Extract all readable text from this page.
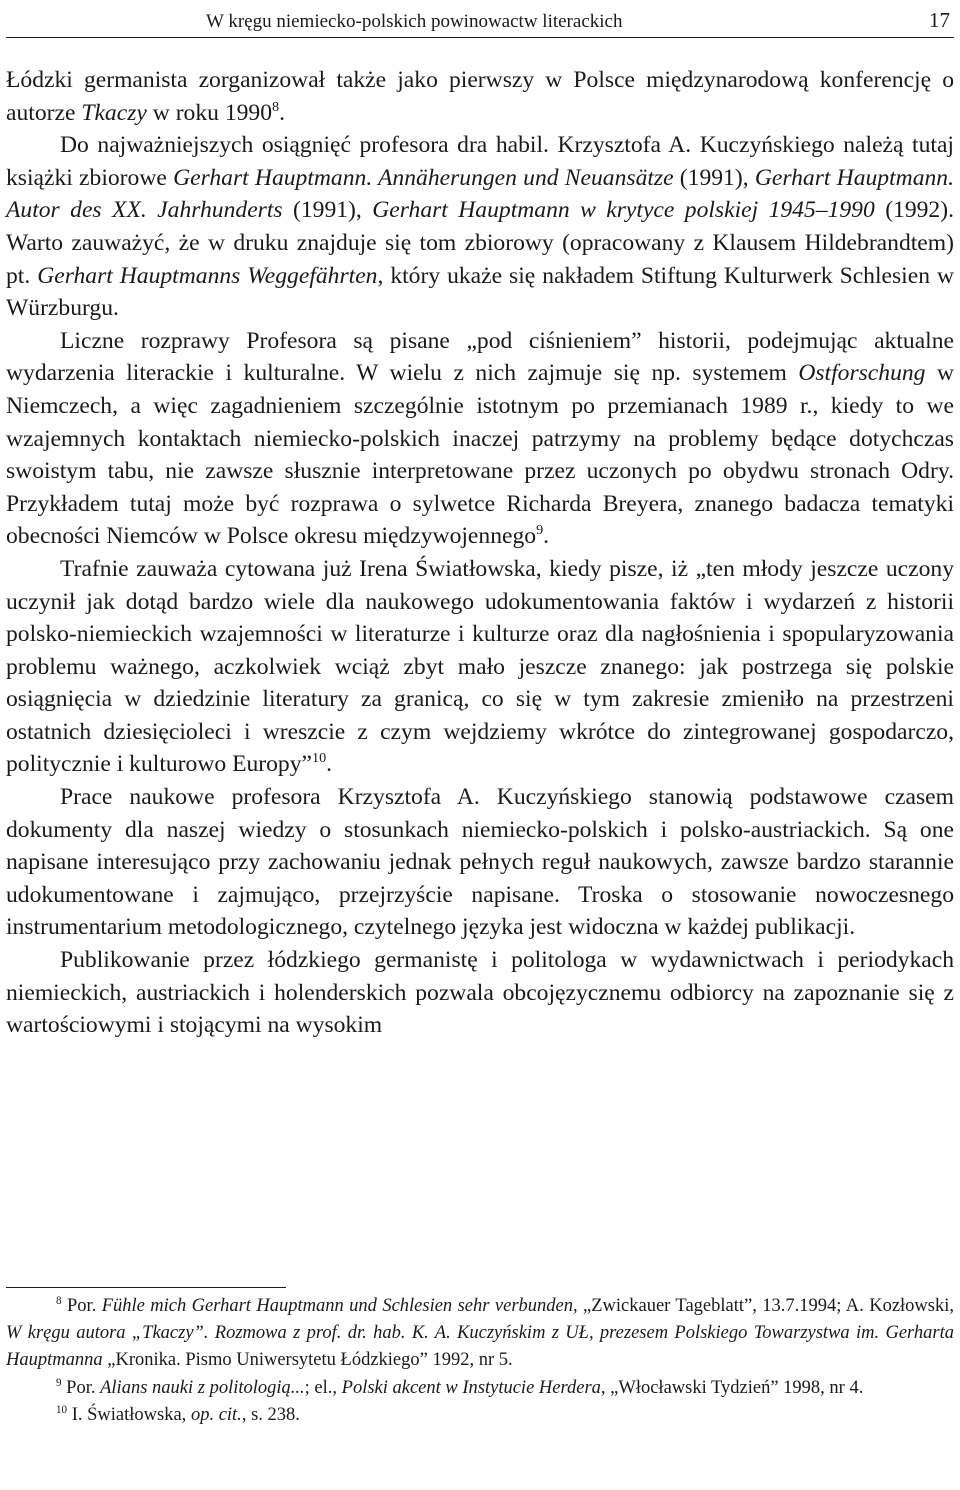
W kręgu niemiecko-polskich powinowactw literackich	17

Łódzki germanista zorganizował także jako pierwszy w Polsce międzynarodową konferencję o autorze Tkaczy w roku 1990$^8$.

Do najważniejszych osiągnięć profesora dra habil. Krzysztofa A. Kuczyńskiego należą tutaj książki zbiorowe Gerhart Hauptmann. Annäherungen und Neuansätze (1991), Gerhart Hauptmann. Autor des XX. Jahrhunderts (1991), Gerhart Hauptmann w krytyce polskiej 1945–1990 (1992). Warto zauważyć, że w druku znajduje się tom zbiorowy (opracowany z Klausem Hildebrandtem) pt. Gerhart Hauptmanns Weggefährten, który ukaże się nakładem Stiftung Kulturwerk Schlesien w Würzburgu.

Liczne rozprawy Profesora są pisane „pod ciśnieniem” historii, podejmując aktualne wydarzenia literackie i kulturalne. W wielu z nich zajmuje się np. systemem Ostforschung w Niemczech, a więc zagadnieniem szczególnie istotnym po przemianach 1989 r., kiedy to we wzajemnych kontaktach niemiecko-polskich inaczej patrzymy na problemy będące dotychczas swoistym tabu, nie zawsze słusznie interpretowane przez uczonych po obydwu stronach Odry. Przykładem tutaj może być rozprawa o sylwetce Richarda Breyera, znanego badacza tematyki obecności Niemców w Polsce okresu międzywojennego$^9$.

Trafnie zauważa cytowana już Irena Światłowska, kiedy pisze, iż „ten młody jeszcze uczony uczynił jak dotąd bardzo wiele dla naukowego udokumentowania faktów i wydarzeń z historii polsko-niemieckich wzajemności w literaturze i kulturze oraz dla nagłośnienia i spopularyzowania problemu ważnego, aczkolwiek wciąż zbyt mało jeszcze znanego: jak postrzega się polskie osiągnięcia w dziedzinie literatury za granicą, co się w tym zakresie zmieniło na przestrzeni ostatnich dziesięcioleci i wreszcie z czym wejdziemy wkrótce do zintegrowanej gospodarczo, politycznie i kulturowo Europy”$^{10}$.

Prace naukowe profesora Krzysztofa A. Kuczyńskiego stanowią podstawowe czasem dokumenty dla naszej wiedzy o stosunkach niemiecko-polskich i polsko-austriackich. Są one napisane interesująco przy zachowaniu jednak pełnych reguł naukowych, zawsze bardzo starannie udokumentowane i zajmująco, przejrzyście napisane. Troska o stosowanie nowoczesnego instrumentarium metodologicznego, czytelnego języka jest widoczna w każdej publikacji.

Publikowanie przez łódzkiego germanistę i politologa w wydawnictwach i periodykach niemieckich, austriackich i holenderskich pozwala obcojęzycznemu odbiorcy na zapoznanie się z wartościowymi i stojącymi na wysokim

$^8$ Por. Fühle mich Gerhart Hauptmann und Schlesien sehr verbunden, „Zwickauer Tageblatt”, 13.7.1994; A. Kozłowski, W kręgu autora „Tkaczy”. Rozmowa z prof. dr. hab. K. A. Kuczyńskim z UŁ, prezesem Polskiego Towarzystwa im. Gerharta Hauptmanna „Kronika. Pismo Uniwersytetu Łódzkiego” 1992, nr 5.

$^9$ Por. Alians nauki z politologią...; el., Polski akcent w Instytucie Herdera, „Włocławski Tydzień” 1998, nr 4.

$^{10}$ I. Światłowska, op. cit., s. 238.
